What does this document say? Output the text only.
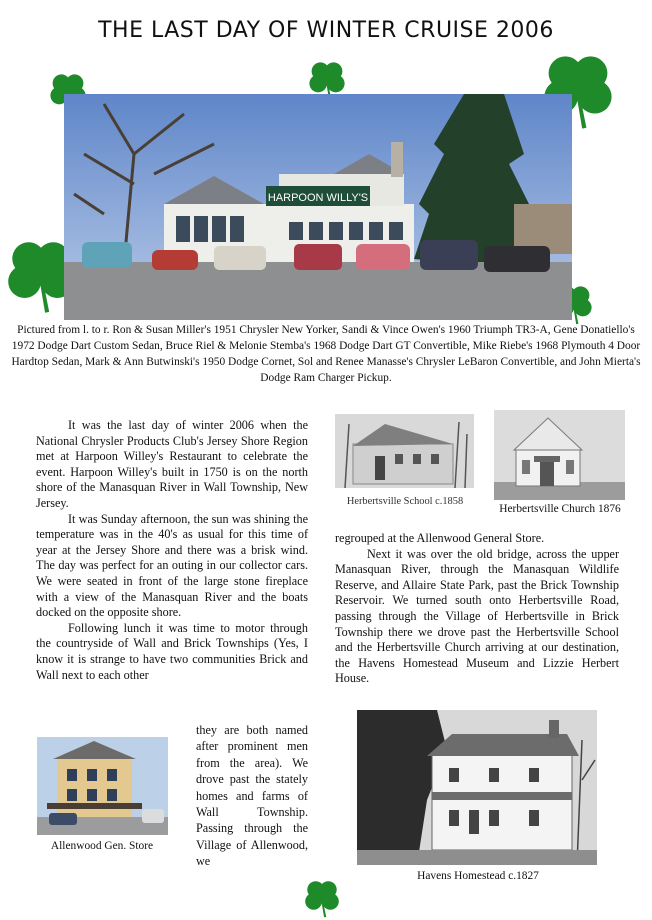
THE LAST DAY OF WINTER CRUISE 2006
HARPOON WILLY'S
Pictured from l. to r. Ron & Susan Miller's 1951 Chrysler New Yorker, Sandi & Vince Owen's 1960 Triumph TR3-A, Gene Donatiello's 1972 Dodge Dart Custom Sedan, Bruce Riel & Melonie Stemba's 1968 Dodge Dart GT Convertible, Mike Riebe's 1968 Plymouth 4 Door Hardtop Sedan, Mark & Ann Butwinski's 1950 Dodge Cornet, Sol and Renee Manasse's Chrysler LeBaron Convertible, and John Mierta's Dodge Ram Charger Pickup.

It was the last day of winter 2006 when the National Chrysler Products Club's Jersey Shore Region met at Harpoon Willey's Restaurant to celebrate the event. Harpoon Willey's built in 1750 is on the north shore of the Manasquan River in Wall Township, New Jersey.

It was Sunday afternoon, the sun was shining the temperature was in the 40's as usual for this time of year at the Jersey Shore and there was a brisk wind. The day was perfect for an outing in our collector cars. We were seated in front of the large stone fireplace with a view of the Manasquan River and the boats docked on the opposite shore.

Following lunch it was time to motor through the countryside of Wall and Brick Townships (Yes, I know it is strange to have two communities Brick and Wall next to each other

they are both named after prominent men from the area). We drove past the stately homes and farms of Wall Township. Passing through the Village of Allenwood, we

Allenwood Gen. Store
Herbertsville School c.1858
Herbertsville Church 1876

regrouped at the Allenwood General Store.

Next it was over the old bridge, across the upper Manasquan River, through the Manasquan Wildlife Reserve, and Allaire State Park, past the Brick Township Reservoir. We turned south onto Herbertsville Road, passing through the Village of Herbertsville in Brick Township there we drove past the Herbertsville School and the Herbertsville Church arriving at our destination, the Havens Homestead Museum and Lizzie Herbert House.

Havens Homestead c.1827
